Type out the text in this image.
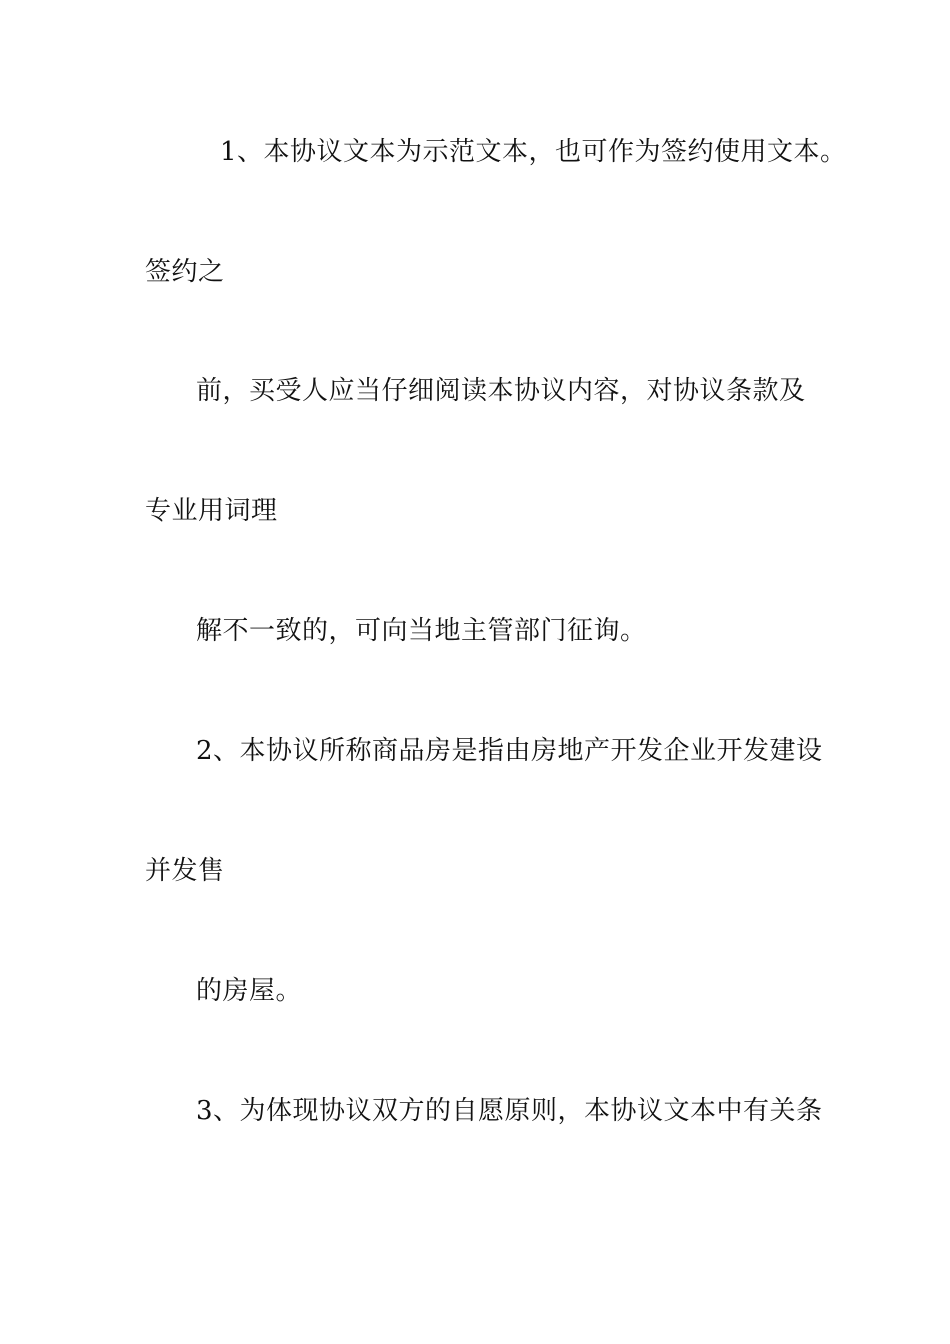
1、本协议文本为示范文本，也可作为签约使用文本。
签约之
前，买受人应当仔细阅读本协议内容，对协议条款及
专业用词理
解不一致的，可向当地主管部门征询。
2、本协议所称商品房是指由房地产开发企业开发建设
并发售
的房屋。
3、为体现协议双方的自愿原则，本协议文本中有关条
